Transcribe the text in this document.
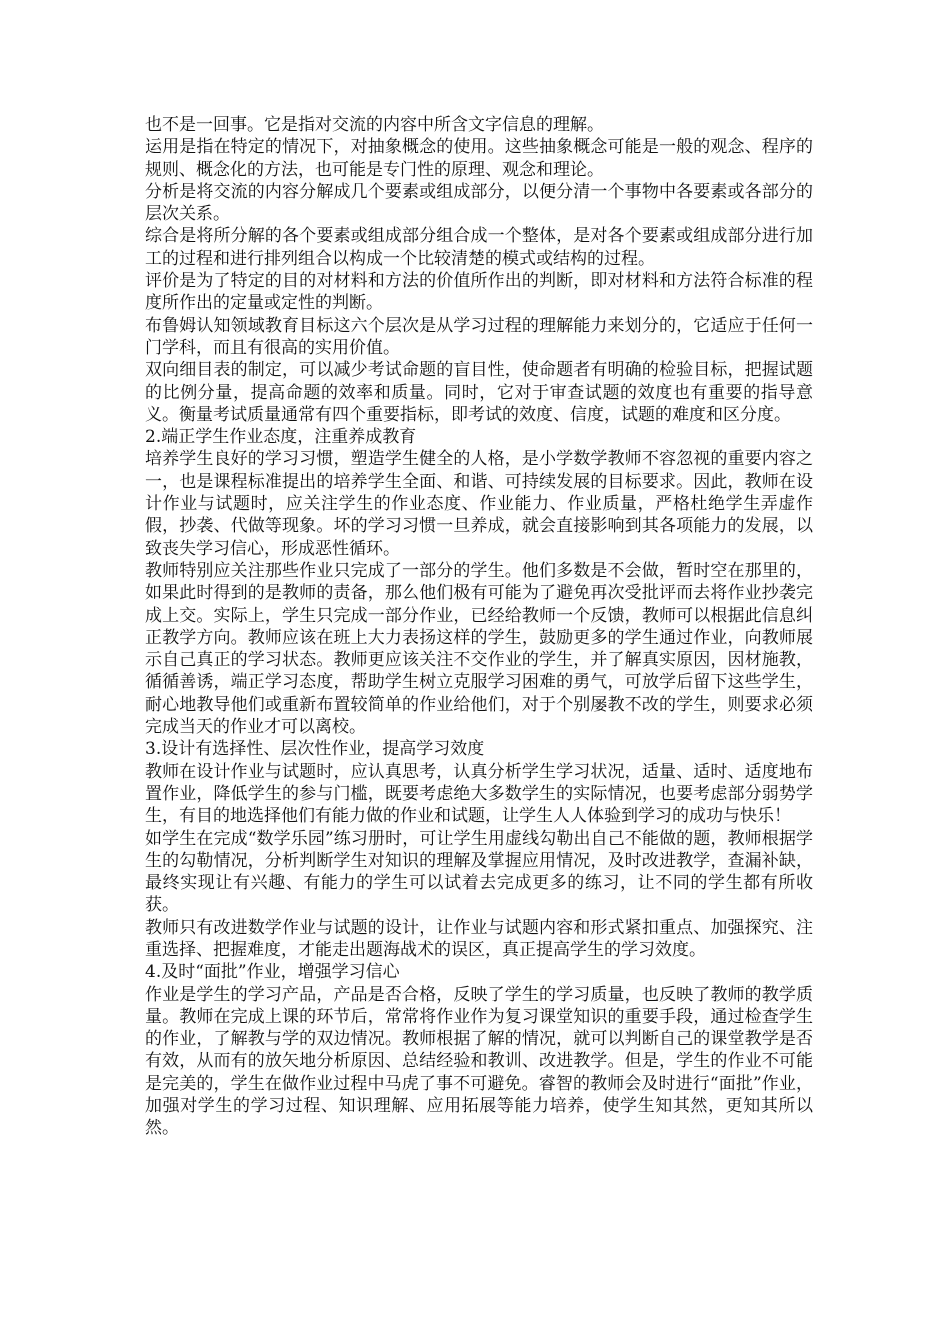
也不是一回事。它是指对交流的内容中所含文字信息的理解。

运用是指在特定的情况下，对抽象概念的使用。这些抽象概念可能是一般的观念、程序的规则、概念化的方法，也可能是专门性的原理、观念和理论。

分析是将交流的内容分解成几个要素或组成部分，以便分清一个事物中各要素或各部分的层次关系。

综合是将所分解的各个要素或组成部分组合成一个整体，是对各个要素或组成部分进行加工的过程和进行排列组合以构成一个比较清楚的模式或结构的过程。

评价是为了特定的目的对材料和方法的价值所作出的判断，即对材料和方法符合标准的程度所作出的定量或定性的判断。

布鲁姆认知领域教育目标这六个层次是从学习过程的理解能力来划分的，它适应于任何一门学科，而且有很高的实用价值。

双向细目表的制定，可以减少考试命题的盲目性，使命题者有明确的检验目标，把握试题的比例分量，提高命题的效率和质量。同时，它对于审查试题的效度也有重要的指导意义。衡量考试质量通常有四个重要指标，即考试的效度、信度，试题的难度和区分度。

2.端正学生作业态度，注重养成教育

培养学生良好的学习习惯，塑造学生健全的人格，是小学数学教师不容忽视的重要内容之一，也是课程标准提出的培养学生全面、和谐、可持续发展的目标要求。因此，教师在设计作业与试题时，应关注学生的作业态度、作业能力、作业质量，严格杜绝学生弄虚作假，抄袭、代做等现象。坏的学习习惯一旦养成，就会直接影响到其各项能力的发展，以致丧失学习信心，形成恶性循环。

教师特别应关注那些作业只完成了一部分的学生。他们多数是不会做，暂时空在那里的，如果此时得到的是教师的责备，那么他们极有可能为了避免再次受批评而去将作业抄袭完成上交。实际上，学生只完成一部分作业，已经给教师一个反馈，教师可以根据此信息纠正教学方向。教师应该在班上大力表扬这样的学生，鼓励更多的学生通过作业，向教师展示自己真正的学习状态。教师更应该关注不交作业的学生，并了解真实原因，因材施教，循循善诱，端正学习态度，帮助学生树立克服学习困难的勇气，可放学后留下这些学生，耐心地教导他们或重新布置较简单的作业给他们，对于个别屡教不改的学生，则要求必须完成当天的作业才可以离校。

3.设计有选择性、层次性作业，提高学习效度

教师在设计作业与试题时，应认真思考，认真分析学生学习状况，适量、适时、适度地布置作业，降低学生的参与门槛，既要考虑绝大多数学生的实际情况，也要考虑部分弱势学生，有目的地选择他们有能力做的作业和试题，让学生人人体验到学习的成功与快乐！

如学生在完成“数学乐园”练习册时，可让学生用虚线勾勒出自己不能做的题，教师根据学生的勾勒情况，分析判断学生对知识的理解及掌握应用情况，及时改进教学，查漏补缺，最终实现让有兴趣、有能力的学生可以试着去完成更多的练习，让不同的学生都有所收获。

教师只有改进数学作业与试题的设计，让作业与试题内容和形式紧扣重点、加强探究、注重选择、把握难度，才能走出题海战术的误区，真正提高学生的学习效度。

4.及时“面批”作业，增强学习信心

作业是学生的学习产品，产品是否合格，反映了学生的学习质量，也反映了教师的教学质量。教师在完成上课的环节后，常常将作业作为复习课堂知识的重要手段，通过检查学生的作业，了解教与学的双边情况。教师根据了解的情况，就可以判断自己的课堂教学是否有效，从而有的放矢地分析原因、总结经验和教训、改进教学。但是，学生的作业不可能是完美的，学生在做作业过程中马虎了事不可避免。睿智的教师会及时进行“面批”作业，加强对学生的学习过程、知识理解、应用拓展等能力培养，使学生知其然，更知其所以然。
